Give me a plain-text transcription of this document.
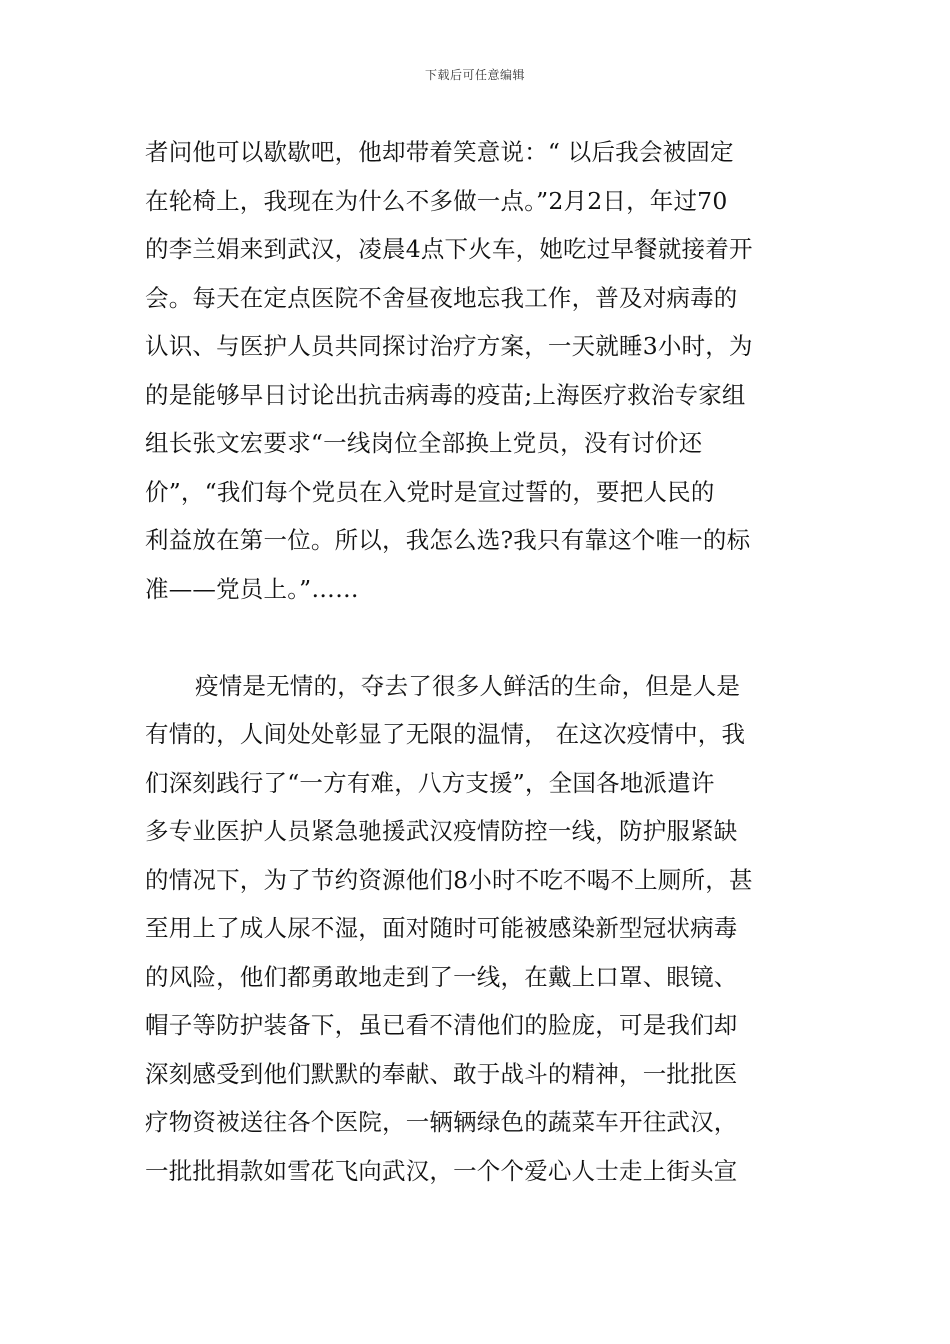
下载后可任意编辑
者问他可以歇歇吧，他却带着笑意说：“ 以后我会被固定
在轮椅上，我现在为什么不多做一点。”2月2日，年过70
的李兰娟来到武汉，凌晨4点下火车，她吃过早餐就接着开
会。每天在定点医院不舍昼夜地忘我工作，普及对病毒的
认识、与医护人员共同探讨治疗方案，一天就睡3小时，为
的是能够早日讨论出抗击病毒的疫苗;上海医疗救治专家组
组长张文宏要求“一线岗位全部换上党员，没有讨价还
价”，“我们每个党员在入党时是宣过誓的，要把人民的
利益放在第一位。所以，我怎么选?我只有靠这个唯一的标
准——党员上。”……
疫情是无情的，夺去了很多人鲜活的生命，但是人是
有情的，人间处处彰显了无限的温情， 在这次疫情中，我
们深刻践行了“一方有难，八方支援”，全国各地派遣许
多专业医护人员紧急驰援武汉疫情防控一线，防护服紧缺
的情况下，为了节约资源他们8小时不吃不喝不上厕所，甚
至用上了成人尿不湿，面对随时可能被感染新型冠状病毒
的风险，他们都勇敢地走到了一线，在戴上口罩、眼镜、
帽子等防护装备下，虽已看不清他们的脸庞，可是我们却
深刻感受到他们默默的奉献、敢于战斗的精神，一批批医
疗物资被送往各个医院，一辆辆绿色的蔬菜车开往武汉，
一批批捐款如雪花飞向武汉，一个个爱心人士走上街头宣
